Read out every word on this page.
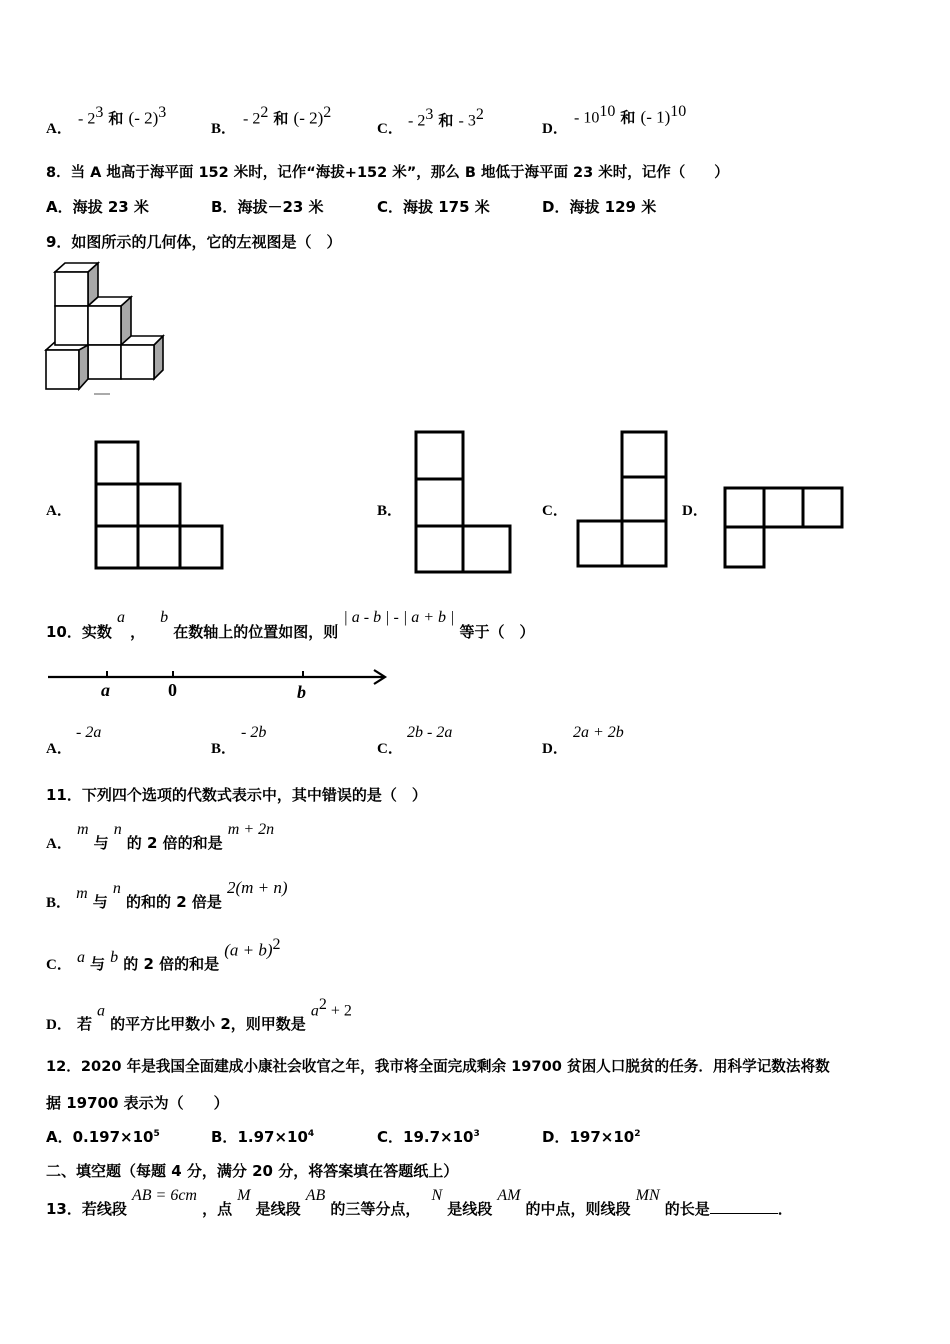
A．
- $2^3$ 和 (- 2)$^3$
B．
- $2^2$ 和 (- 2)$^2$
C． - $2^3$ 和 - $3^2$
D．
- $10^{10}$ 和 (- 1)$^{10}$
8．当 A 地高于海平面 152 米时，记作“海拔+152 米”，那么 B 地低于海平面 23 米时，记作（　　）
A．海拔 23 米	B．海拔－23 米	C．海拔 175 米	D．海拔 129 米
9．如图所示的几何体，它的左视图是（　）
A．	B．	C．	D．
10．实数 a ， b 在数轴上的位置如图，则 | a - b | - | a + b | 等于（　）
a	0	b
A．
- 2a
B．
- 2b
C．
2b - 2a
D．
2a + 2b
11．下列四个选项的代数式表示中，其中错误的是（　）
A． m 与 n 的 2 倍的和是 m + 2n
B． m 与 n 的和的 2 倍是 2(m + n)
C． a 与 b 的 2 倍的和是 $(a + b)^2$
D． 若 a 的平方比甲数小 2，则甲数是 $a^2 + 2$
12．2020 年是我国全面建成小康社会收官之年，我市将全面完成剩余 19700 贫困人口脱贫的任务．用科学记数法将数
据 19700 表示为（　　）
A．$0.197\times 10^5$	B．$1.97\times 10^4$	C．$19.7\times 10^3$	D．$197\times 10^2$
二、填空题（每题 4 分，满分 20 分，将答案填在答题纸上）
13．若线段 AB = 6cm ，点 M 是线段 AB 的三等分点， N 是线段 AM 的中点，则线段 MN 的长是	．
